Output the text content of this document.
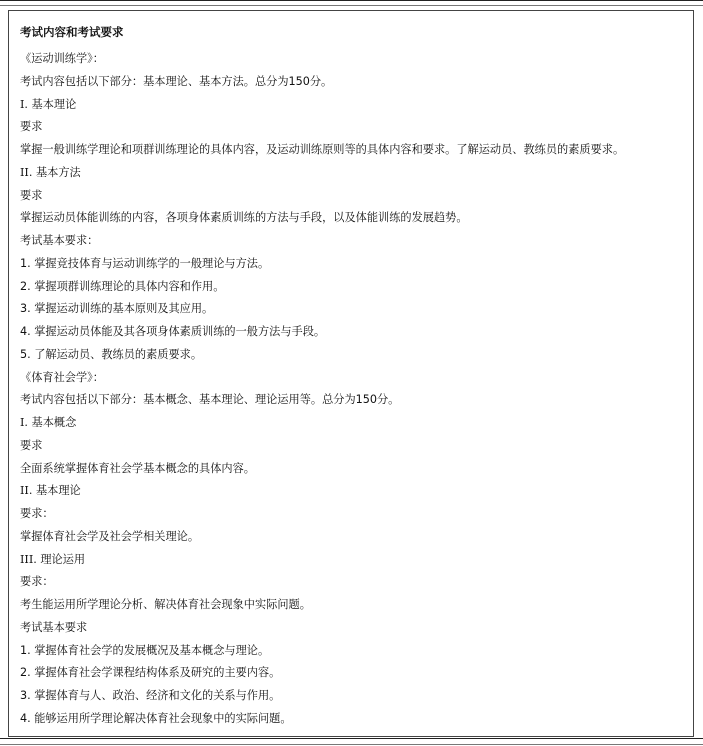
考试内容和考试要求
《运动训练学》：
考试内容包括以下部分：基本理论、基本方法。总分为150分。
I. 基本理论
要求
掌握一般训练学理论和项群训练理论的具体内容，及运动训练原则等的具体内容和要求。了解运动员、教练员的素质要求。
II. 基本方法
要求
掌握运动员体能训练的内容，各项身体素质训练的方法与手段，以及体能训练的发展趋势。
考试基本要求：
1. 掌握竞技体育与运动训练学的一般理论与方法。
2. 掌握项群训练理论的具体内容和作用。
3. 掌握运动训练的基本原则及其应用。
4. 掌握运动员体能及其各项身体素质训练的一般方法与手段。
5. 了解运动员、教练员的素质要求。
《体育社会学》：
考试内容包括以下部分：基本概念、基本理论、理论运用等。总分为150分。
I. 基本概念
要求
全面系统掌握体育社会学基本概念的具体内容。
II. 基本理论
要求：
掌握体育社会学及社会学相关理论。
III. 理论运用
要求：
考生能运用所学理论分析、解决体育社会现象中实际问题。
考试基本要求
1. 掌握体育社会学的发展概况及基本概念与理论。
2. 掌握体育社会学课程结构体系及研究的主要内容。
3. 掌握体育与人、政治、经济和文化的关系与作用。
4. 能够运用所学理论解决体育社会现象中的实际问题。
